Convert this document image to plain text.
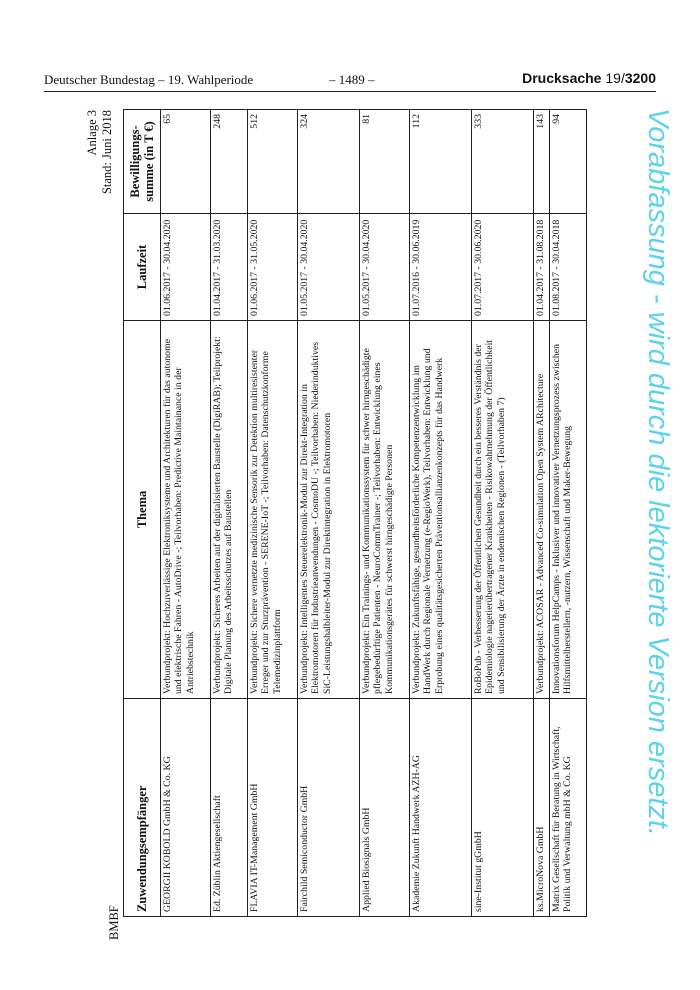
Deutscher Bundestag – 19. Wahlperiode	– 1489 –	Drucksache 19/3200
Vorabfassung - wird durch die lektorierte Version ersetzt.
Anlage 3 Stand: Juni 2018
BMBF
Zuwendungsempfänger	Thema	Laufzeit	Bewilligungs- summe (in T €)
GEORGII KOBOLD GmbH & Co. KG	Verbundprojekt: Hochzuverlässige Elektroniksysteme und Architekturen für das autonome und elektrische Fahren - AutoDrive -; Teilvorhaben: Predictive Maintainance in der Antriebstechnik	01.06.2017 - 30.04.2020	65
Ed. Züblin Aktiengesellschaft	Verbundprojekt: Sicheres Arbeiten auf der digitalisierten Baustelle (DigiRAB); Teilprojekt: Digitale Planung des Arbeitsschutzes auf Baustellen	01.04.2017 - 31.03.2020	248
FLAVIA IT-Management GmbH	Verbundprojekt: Sichere vernetzte medizinische Sensorik zur Detektion multiresistenter Erreger und zur Sturzprävention - SERENE-IoT -; Teilvorhaben: Datenschutzkonforme Telemedizinplattform	01.06.2017 - 31.05.2020	512
Fairchild Semiconductor GmbH	Verbundprojekt: Intelligentes Steuerelektronik-Modul zur Direkt-Integration in Elektromotoren für Industrieanwendungen - CosmoDU -; Teilvorhaben: Niederinduktives SiC-Leistungshalbleiter-Modul zur Direktintegration in Elektromotoren	01.05.2017 - 30.04.2020	324
Applied Biosignals GmbH	Verbundprojekt: Ein Trainings- und Kommunikationssystem für schwer hirngeschädigte pflegebedürftige Patienten - NeuroCommTrainer -; Teilvorhaben: Entwicklung eines Kommunikationsgerätes für schwerst hirngeschädigte Personen	01.05.2017 - 30.04.2020	81
Akademie Zukunft Handwerk AZH-AG	Verbundprojekt: Zukunftsfähige, gesundheitsförderliche Kompetenzentwicklung im HandWerk durch Regionale Vernetzung (e-RegioWerk), Teilvorhaben: Entwicklung und Erprobung eines qualitätsgesicherten Präventionsallianzenkonzepts für das Handwerk	01.07.2016 - 30.06.2019	112
sine-Institut gGmbH	RoBoPub - Verbesserung der Öffentlichen Gesundheit durch ein besseres Verständnis der Epidemiologie nagetierübertragener Krankheiten - Risikowahrnehmung der Öffentlichkeit und Sensibilisierung der Ärzte in endemischen Regionen - (Teilvorhaben 7)	01.07.2017 - 30.06.2020	333
ks.MicroNova GmbH	Verbundprojekt: ACOSAR - Advanced Co-simulation Open System ARchitecture	01.04.2017 - 31.08.2018	143
Matrix Gesellschaft für Beratung in Wirtschaft, Politik und Verwaltung mbH & Co. KG	Innovationsforum HelpCamps - Inklusiver und innovativer Vernetzungsprozess zwischen Hilfsmittelherstellern, -nutzern, Wissenschaft und Maker-Bewegung	01.08.2017 - 30.04.2018	94
